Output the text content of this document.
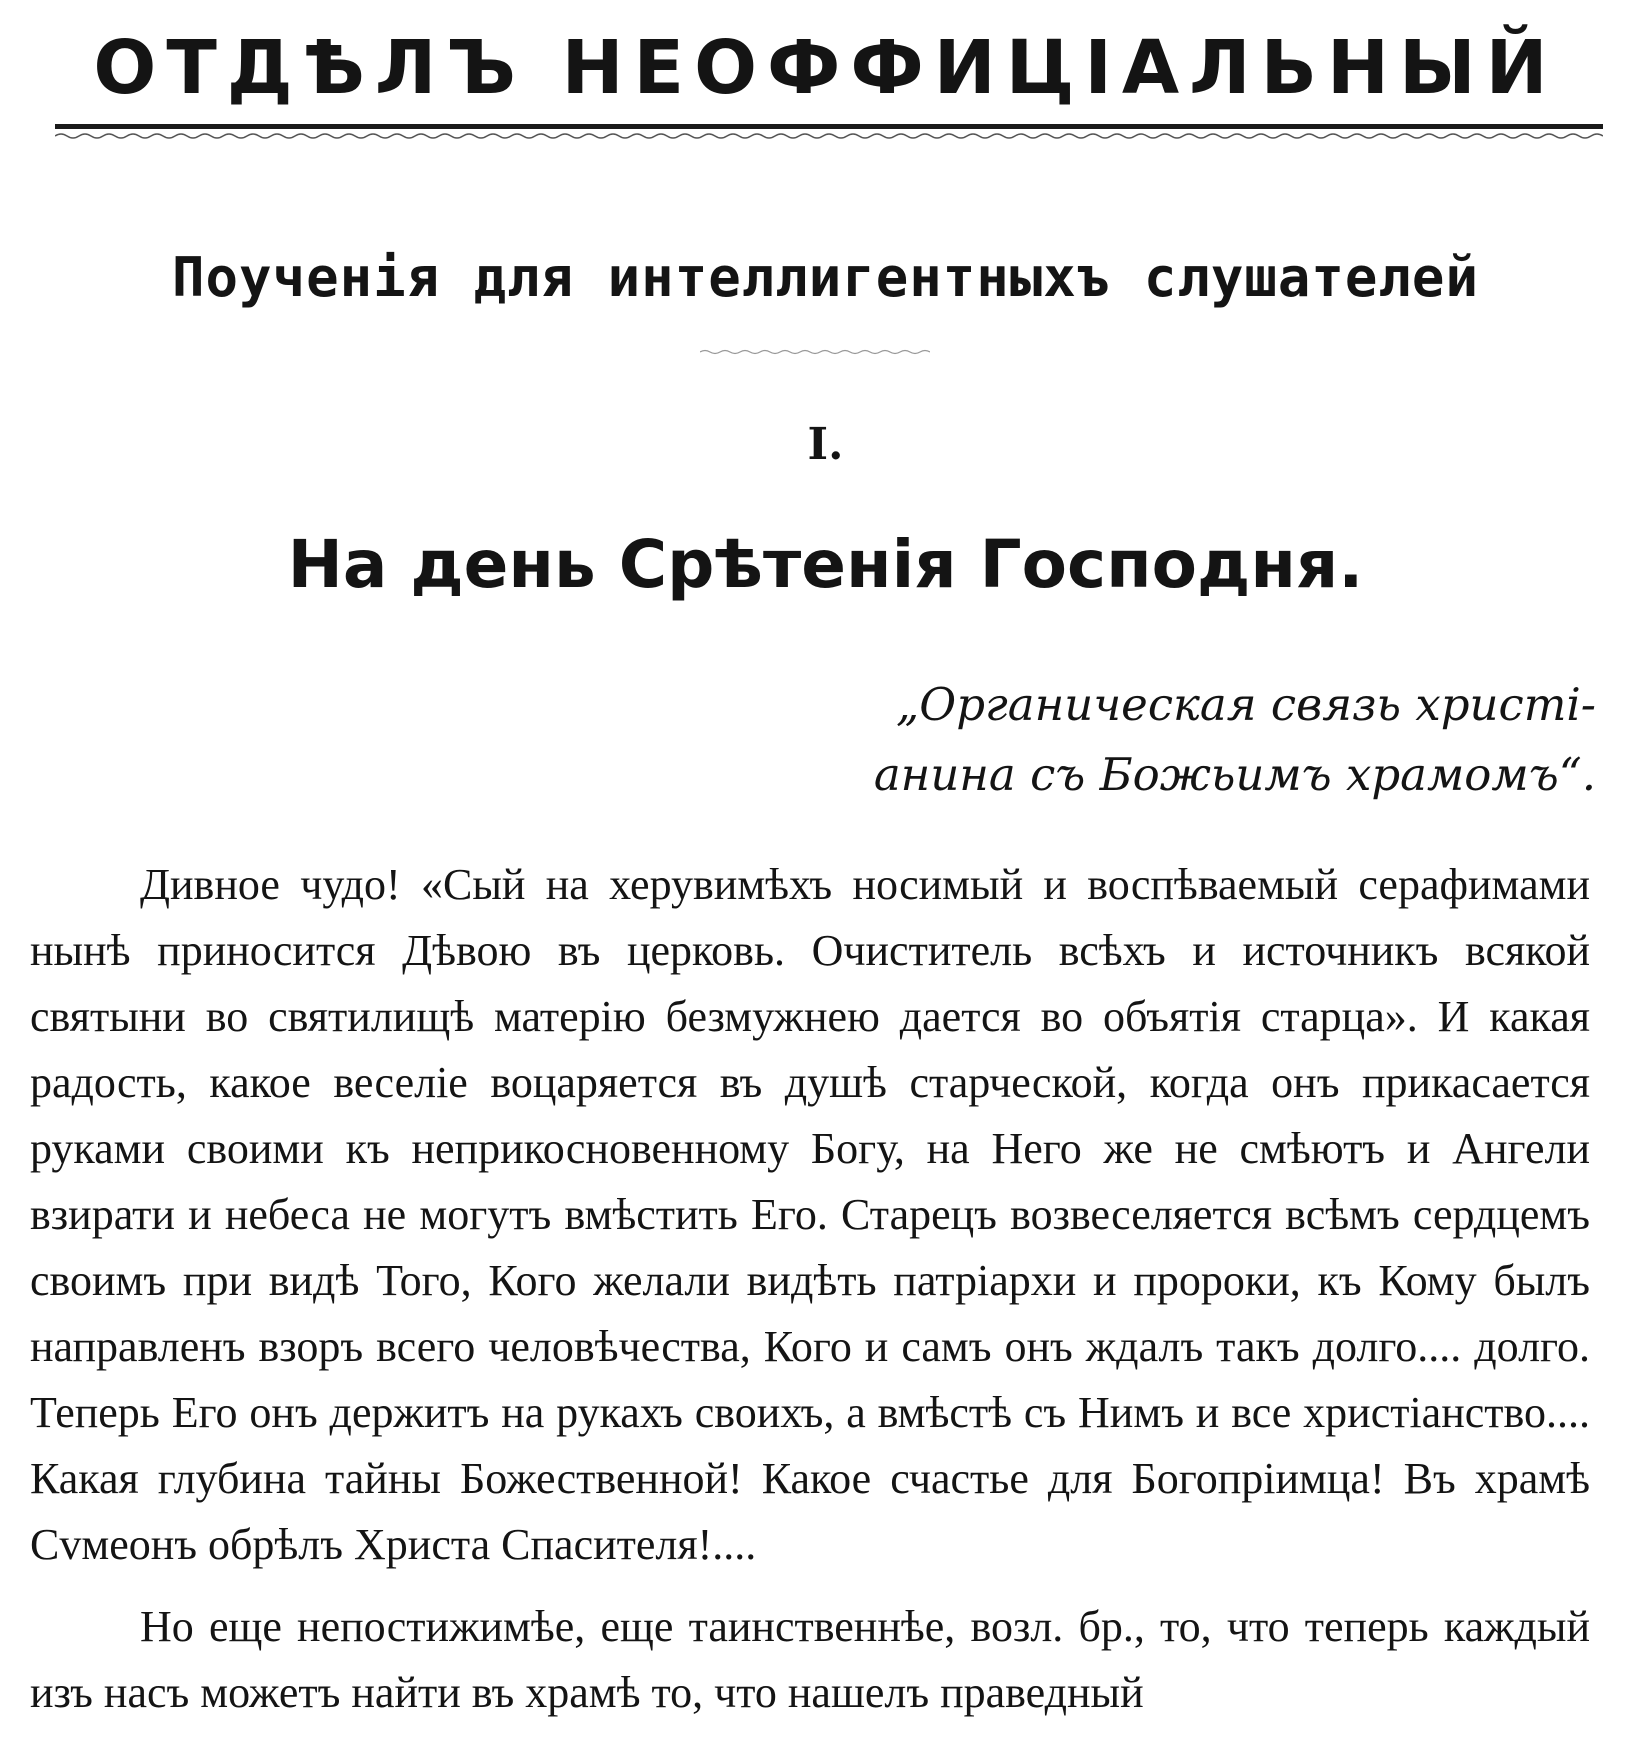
ОТДѢЛЪ НЕОФФИЦІАЛЬНЫЙ
Поученія для интеллигентныхъ слушателей
I.
На день Срѣтенія Господня.
„Органическая связь христі-
анина съ Божьимъ храмомъ“.

Дивное чудо! «Сый на херувимѣхъ носимый и воспѣваемый серафимами нынѣ приносится Дѣвою въ церковь. Очиститель всѣхъ и источникъ всякой святыни во святилищѣ матерію безмужнею дается во объятія старца». И какая радость, какое веселіе воцаряется въ душѣ старческой, когда онъ прикасается руками своими къ неприкосновенному Богу, на Него же не смѣютъ и Ангели взирати и небеса не могутъ вмѣстить Его. Старецъ возвеселяется всѣмъ сердцемъ своимъ при видѣ Того, Кого желали видѣть патріархи и пророки, къ Кому былъ направленъ взоръ всего человѣчества, Кого и самъ онъ ждалъ такъ долго.... долго. Теперь Его онъ держитъ на рукахъ своихъ, а вмѣстѣ съ Нимъ и все христіанство.... Какая глубина тайны Божественной! Какое счастье для Богопріимца! Въ храмѣ Сvмеонъ обрѣлъ Христа Спасителя!....

Но еще непостижимѣе, еще таинственнѣе, возл. бр., то, что теперь каждый изъ насъ можетъ найти въ храмѣ то, что нашелъ праведный
